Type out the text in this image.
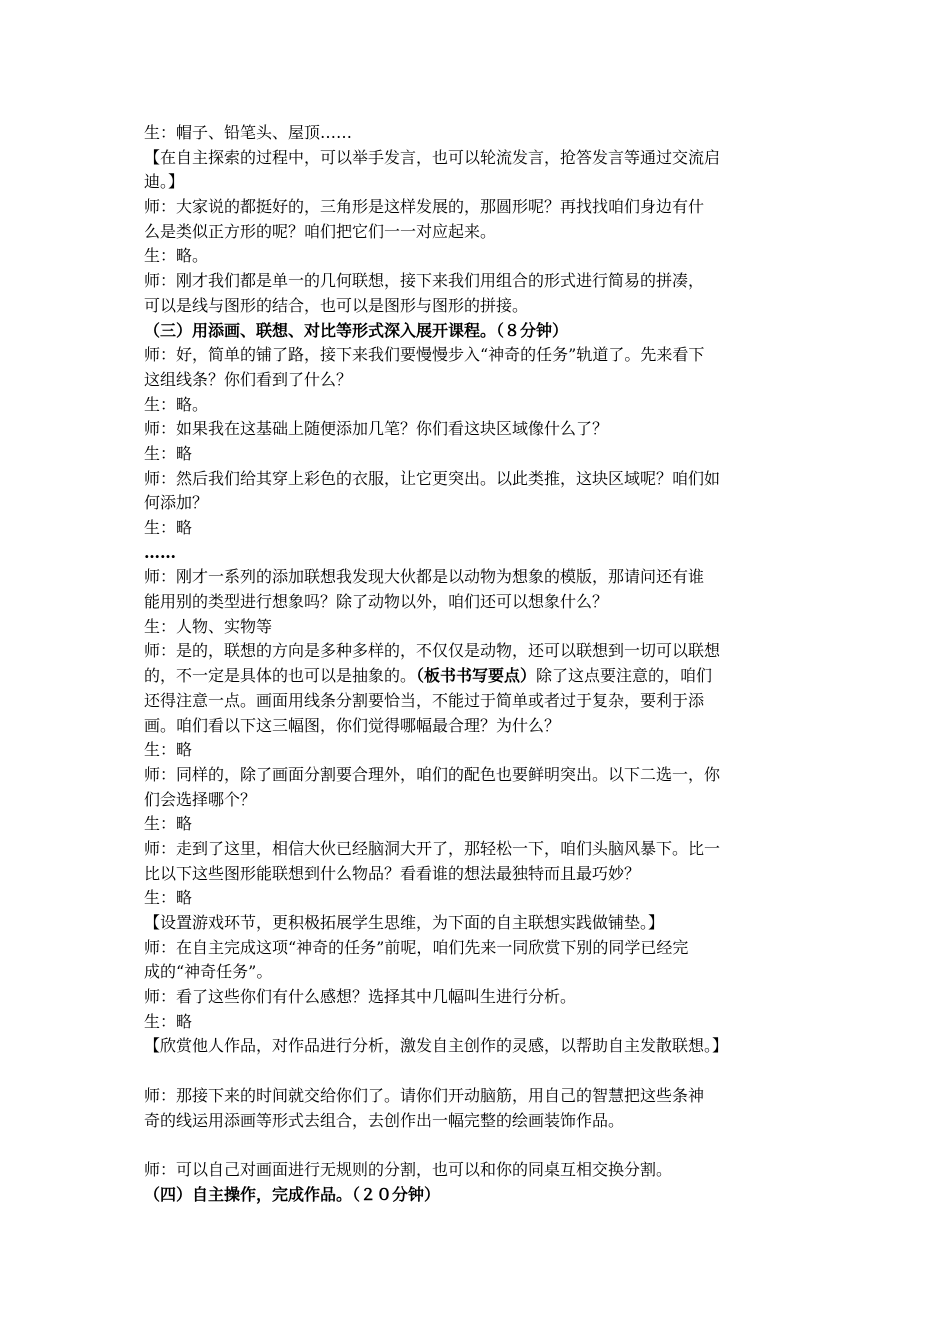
生：帽子、铅笔头、屋顶……
【在自主探索的过程中，可以举手发言，也可以轮流发言，抢答发言等通过交流启
迪。】
师：大家说的都挺好的，三角形是这样发展的，那圆形呢？再找找咱们身边有什
么是类似正方形的呢？咱们把它们一一对应起来。
生：略。
师：刚才我们都是单一的几何联想，接下来我们用组合的形式进行简易的拼凑，
可以是线与图形的结合，也可以是图形与图形的拼接。
（三）用添画、联想、对比等形式深入展开课程。（８分钟）
师：好，简单的铺了路，接下来我们要慢慢步入“神奇的任务”轨道了。先来看下
这组线条？你们看到了什么？
生：略。
师：如果我在这基础上随便添加几笔？你们看这块区域像什么了？
生：略
师：然后我们给其穿上彩色的衣服，让它更突出。以此类推，这块区域呢？咱们如
何添加？
生：略
……
师：刚才一系列的添加联想我发现大伙都是以动物为想象的模版，那请问还有谁
能用别的类型进行想象吗？除了动物以外，咱们还可以想象什么？
生：人物、实物等
师：是的，联想的方向是多种多样的，不仅仅是动物，还可以联想到一切可以联想
的，不一定是具体的也可以是抽象的。（板书书写要点）除了这点要注意的，咱们
还得注意一点。画面用线条分割要恰当，不能过于简单或者过于复杂，要利于添
画。咱们看以下这三幅图，你们觉得哪幅最合理？为什么？
生：略
师：同样的，除了画面分割要合理外，咱们的配色也要鲜明突出。以下二选一，你
们会选择哪个？
生：略
师：走到了这里，相信大伙已经脑洞大开了，那轻松一下，咱们头脑风暴下。比一
比以下这些图形能联想到什么物品？看看谁的想法最独特而且最巧妙？
生：略
【设置游戏环节，更积极拓展学生思维，为下面的自主联想实践做铺垫。】
师：在自主完成这项“神奇的任务”前呢，咱们先来一同欣赏下别的同学已经完
成的“神奇任务”。
师：看了这些你们有什么感想？选择其中几幅叫生进行分析。
生：略
【欣赏他人作品，对作品进行分析，激发自主创作的灵感，以帮助自主发散联想。】
师：那接下来的时间就交给你们了。请你们开动脑筋，用自己的智慧把这些条神
奇的线运用添画等形式去组合，去创作出一幅完整的绘画装饰作品。
师：可以自己对画面进行无规则的分割，也可以和你的同桌互相交换分割。
（四）自主操作，完成作品。（２０分钟）
